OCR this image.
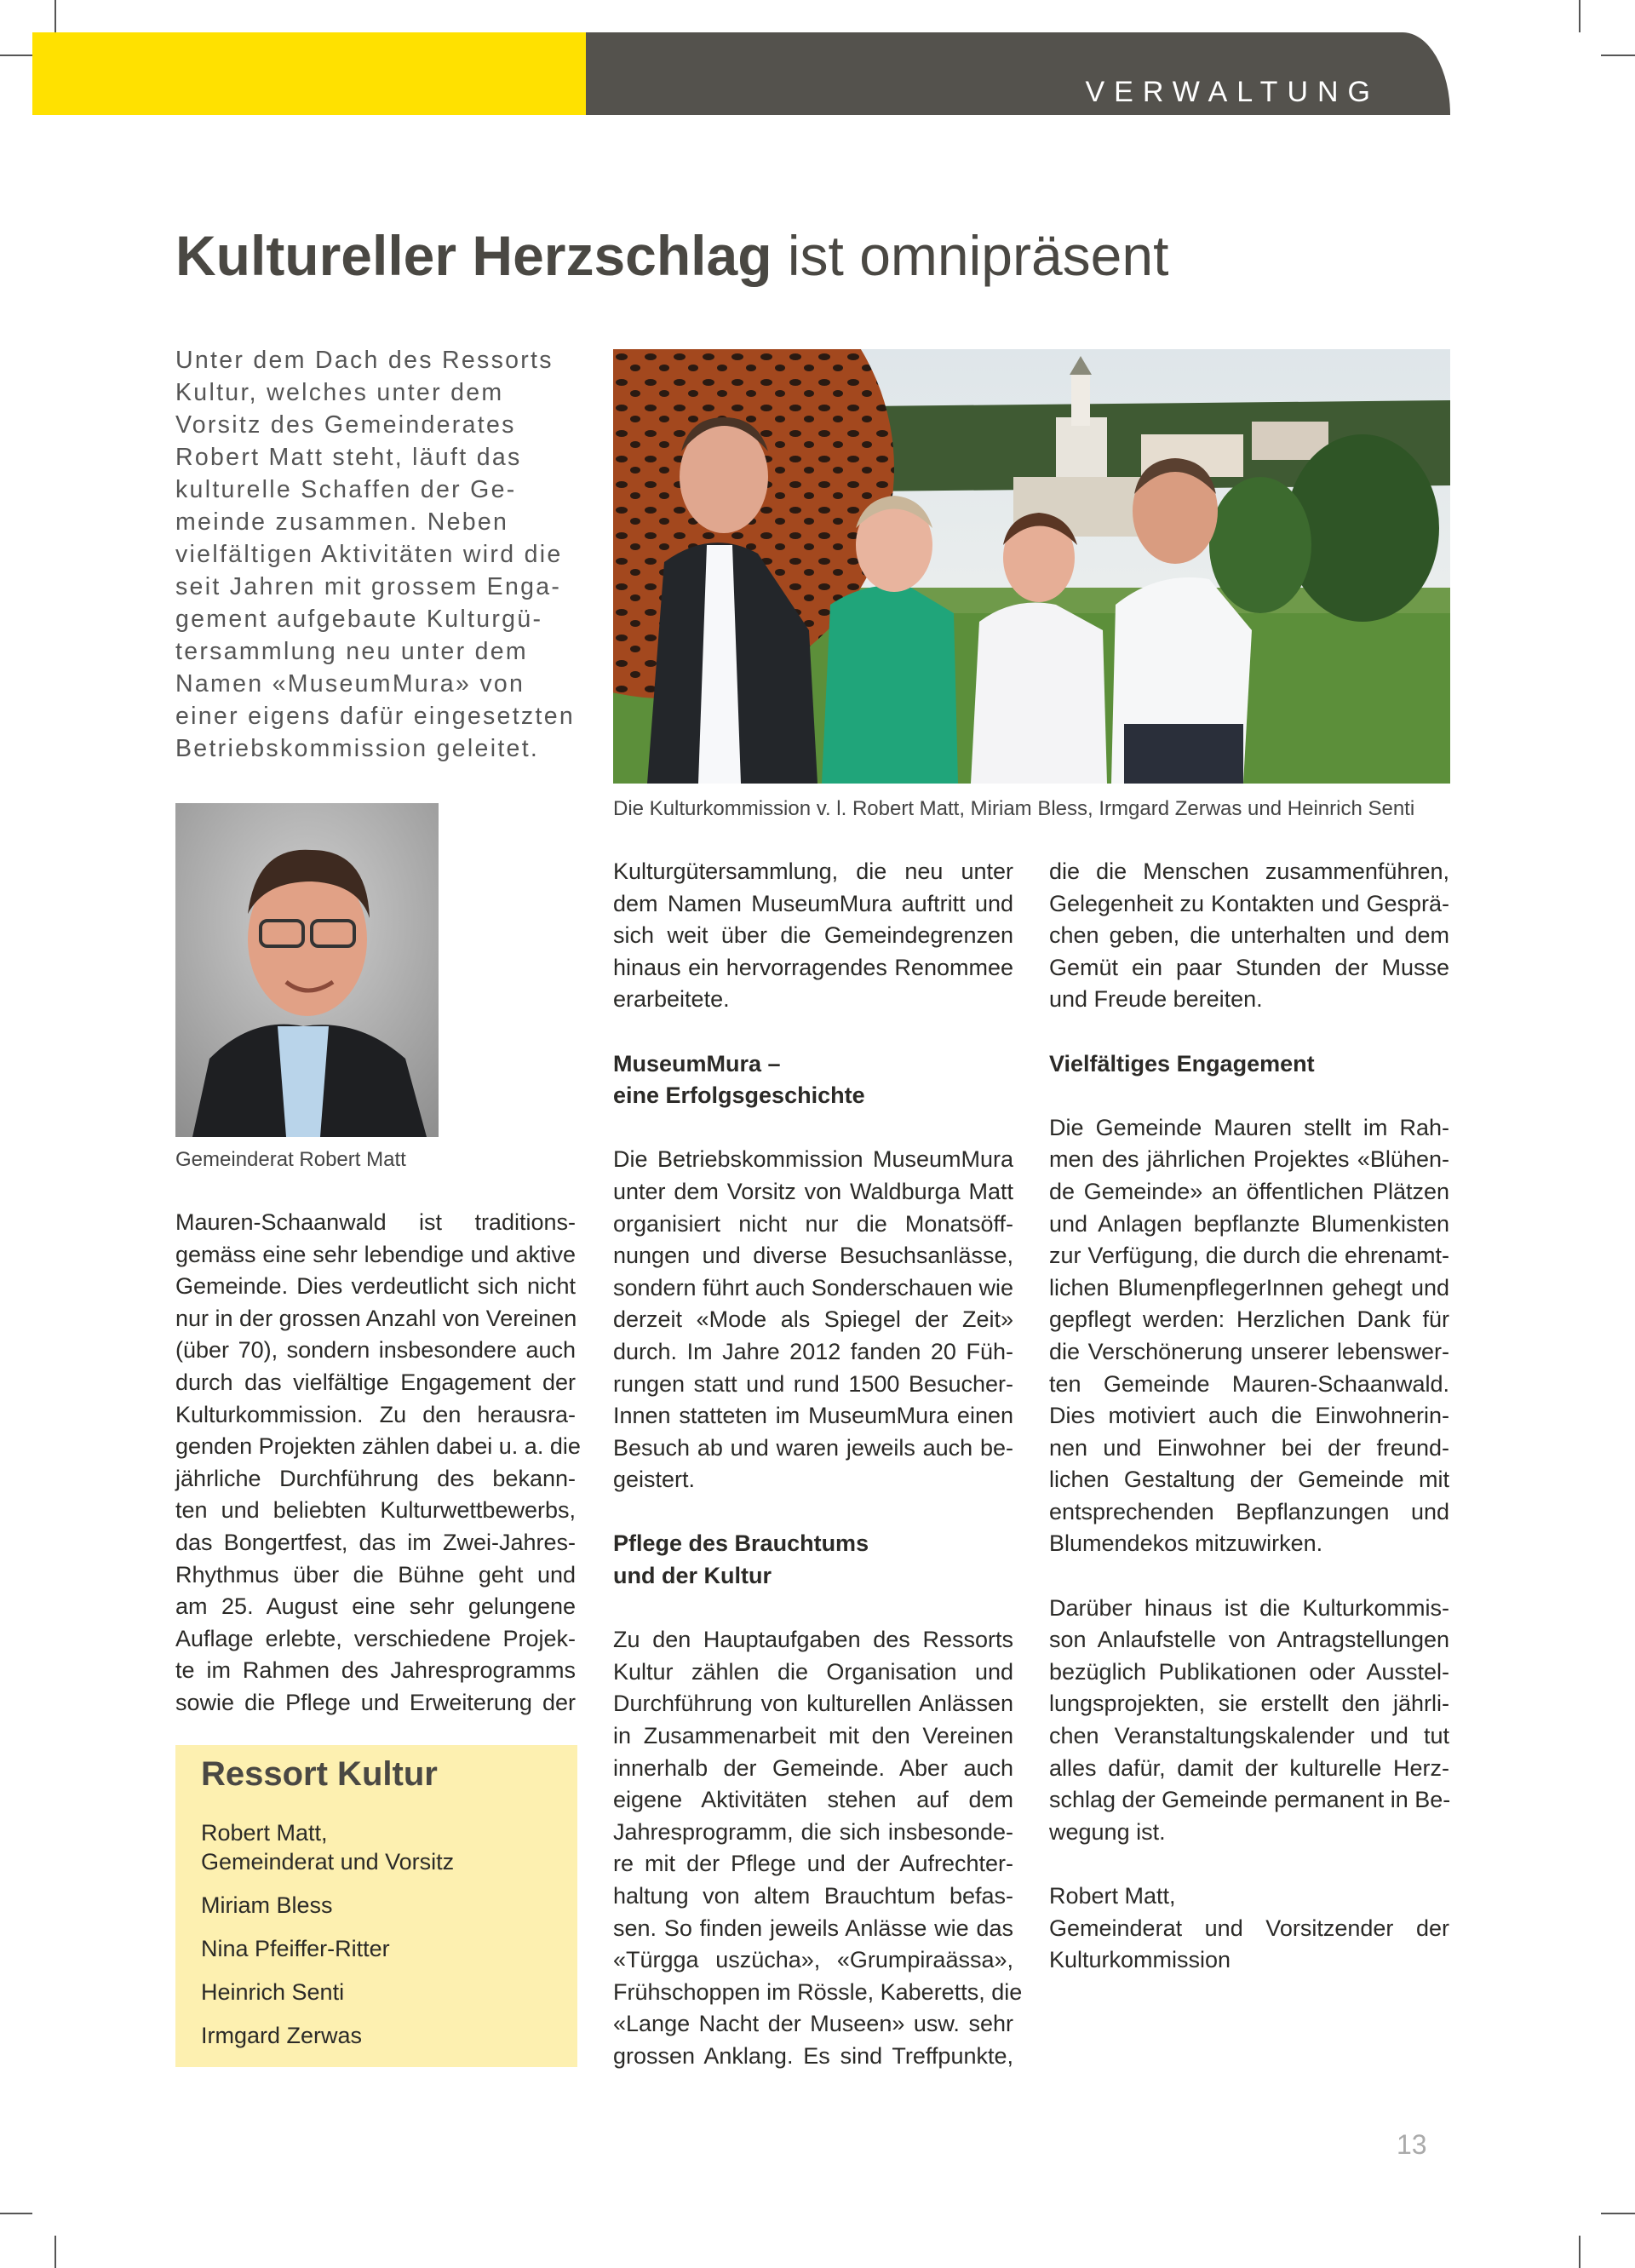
VERWALTUNG
Kultureller Herzschlag ist omnipräsent
Unter dem Dach des Ressorts
Kultur, welches unter dem
Vorsitz des Gemeinderates
Robert Matt steht, läuft das
kulturelle Schaffen der Ge-
meinde zusammen. Neben
vielfältigen Aktivitäten wird die
seit Jahren mit grossem Enga-
gement aufgebaute Kulturgü-
tersammlung neu unter dem
Namen «MuseumMura» von
einer eigens dafür eingesetzten
Betriebskommission geleitet.
Die Kulturkommission v. l. Robert Matt, Miriam Bless, Irmgard Zerwas und Heinrich Senti
Gemeinderat Robert Matt
Mauren-Schaanwald ist traditions-
gemäss eine sehr lebendige und aktive
Gemeinde. Dies verdeutlicht sich nicht
nur in der grossen Anzahl von Vereinen
(über 70), sondern insbesondere auch
durch das vielfältige Engagement der
Kulturkommission. Zu den herausra-
genden Projekten zählen dabei u. a. die
jährliche Durchführung des bekann-
ten und beliebten Kulturwettbewerbs,
das Bongertfest, das im Zwei-Jahres-
Rhythmus über die Bühne geht und
am 25. August eine sehr gelungene
Auflage erlebte, verschiedene Projek-
te im Rahmen des Jahresprogramms
sowie die Pflege und Erweiterung der
Ressort Kultur
Robert Matt,
Gemeinderat und Vorsitz
Miriam Bless
Nina Pfeiffer-Ritter
Heinrich Senti
Irmgard Zerwas
Kulturgütersammlung, die neu unter
dem Namen MuseumMura auftritt und
sich weit über die Gemeindegrenzen
hinaus ein hervorragendes Renommee
erarbeitete.
MuseumMura –
eine Erfolgsgeschichte
Die Betriebskommission MuseumMura
unter dem Vorsitz von Waldburga Matt
organisiert nicht nur die Monatsöff-
nungen und diverse Besuchsanlässe,
sondern führt auch Sonderschauen wie
derzeit «Mode als Spiegel der Zeit»
durch. Im Jahre 2012 fanden 20 Füh-
rungen statt und rund 1500 Besucher-
Innen statteten im MuseumMura einen
Besuch ab und waren jeweils auch be-
geistert.
Pflege des Brauchtums
und der Kultur
Zu den Hauptaufgaben des Ressorts
Kultur zählen die Organisation und
Durchführung von kulturellen Anlässen
in Zusammenarbeit mit den Vereinen
innerhalb der Gemeinde. Aber auch
eigene Aktivitäten stehen auf dem
Jahresprogramm, die sich insbesonde-
re mit der Pflege und der Aufrechter-
haltung von altem Brauchtum befas-
sen. So finden jeweils Anlässe wie das
«Türgga uszücha», «Grumpiraässa»,
Frühschoppen im Rössle, Kaberetts, die
«Lange Nacht der Museen» usw. sehr
grossen Anklang. Es sind Treffpunkte,
die die Menschen zusammenführen,
Gelegenheit zu Kontakten und Gesprä-
chen geben, die unterhalten und dem
Gemüt ein paar Stunden der Musse
und Freude bereiten.
Vielfältiges Engagement
Die Gemeinde Mauren stellt im Rah-
men des jährlichen Projektes «Blühen-
de Gemeinde» an öffentlichen Plätzen
und Anlagen bepflanzte Blumenkisten
zur Verfügung, die durch die ehrenamt-
lichen BlumenpflegerInnen gehegt und
gepflegt werden: Herzlichen Dank für
die Verschönerung unserer lebenswer-
ten Gemeinde Mauren-Schaanwald.
Dies motiviert auch die Einwohnerin-
nen und Einwohner bei der freund-
lichen Gestaltung der Gemeinde mit
entsprechenden Bepflanzungen und
Blumendekos mitzuwirken.
Darüber hinaus ist die Kulturkommis-
son Anlaufstelle von Antragstellungen
bezüglich Publikationen oder Ausstel-
lungsprojekten, sie erstellt den jährli-
chen Veranstaltungskalender und tut
alles dafür, damit der kulturelle Herz-
schlag der Gemeinde permanent in Be-
wegung ist.
Robert Matt,
Gemeinderat und Vorsitzender der
Kulturkommission
13
